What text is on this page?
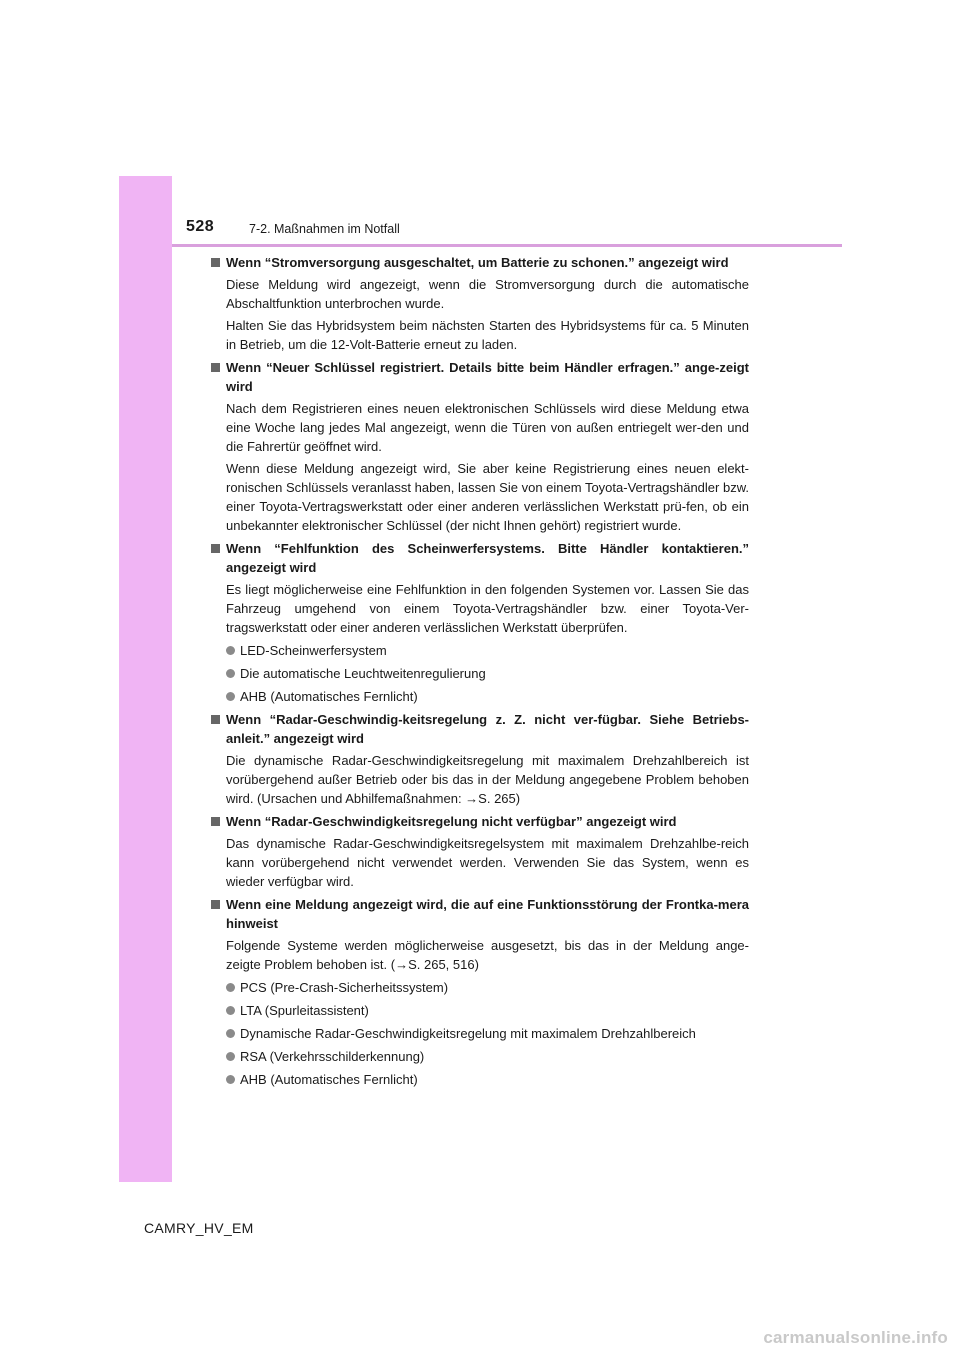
528	7-2. Maßnahmen im Notfall
Wenn “Stromversorgung ausgeschaltet, um Batterie zu schonen.” angezeigt wird
Diese Meldung wird angezeigt, wenn die Stromversorgung durch die automatische Abschaltfunktion unterbrochen wurde.
Halten Sie das Hybridsystem beim nächsten Starten des Hybridsystems für ca. 5 Minuten in Betrieb, um die 12-Volt-Batterie erneut zu laden.
Wenn “Neuer Schlüssel registriert. Details bitte beim Händler erfragen.” ange-zeigt wird
Nach dem Registrieren eines neuen elektronischen Schlüssels wird diese Meldung etwa eine Woche lang jedes Mal angezeigt, wenn die Türen von außen entriegelt wer-den und die Fahrertür geöffnet wird.
Wenn diese Meldung angezeigt wird, Sie aber keine Registrierung eines neuen elekt-ronischen Schlüssels veranlasst haben, lassen Sie von einem Toyota-Vertragshändler bzw. einer Toyota-Vertragswerkstatt oder einer anderen verlässlichen Werkstatt prü-fen, ob ein unbekannter elektronischer Schlüssel (der nicht Ihnen gehört) registriert wurde.
Wenn “Fehlfunktion des Scheinwerfersystems. Bitte Händler kontaktieren.” angezeigt wird
Es liegt möglicherweise eine Fehlfunktion in den folgenden Systemen vor. Lassen Sie das Fahrzeug umgehend von einem Toyota-Vertragshändler bzw. einer Toyota-Ver-tragswerkstatt oder einer anderen verlässlichen Werkstatt überprüfen.
LED-Scheinwerfersystem
Die automatische Leuchtweitenregulierung
AHB (Automatisches Fernlicht)
Wenn “Radar-Geschwindig-keitsregelung z. Z. nicht ver-fügbar. Siehe Betriebs-anleit.” angezeigt wird
Die dynamische Radar-Geschwindigkeitsregelung mit maximalem Drehzahlbereich ist vorübergehend außer Betrieb oder bis das in der Meldung angegebene Problem behoben wird. (Ursachen und Abhilfemaßnahmen: →S. 265)
Wenn “Radar-Geschwindigkeitsregelung nicht verfügbar” angezeigt wird
Das dynamische Radar-Geschwindigkeitsregelsystem mit maximalem Drehzahlbe-reich kann vorübergehend nicht verwendet werden. Verwenden Sie das System, wenn es wieder verfügbar wird.
Wenn eine Meldung angezeigt wird, die auf eine Funktionsstörung der Frontka-mera hinweist
Folgende Systeme werden möglicherweise ausgesetzt, bis das in der Meldung ange-zeigte Problem behoben ist. (→S. 265, 516)
PCS (Pre-Crash-Sicherheitssystem)
LTA (Spurleitassistent)
Dynamische Radar-Geschwindigkeitsregelung mit maximalem Drehzahlbereich
RSA (Verkehrsschilderkennung)
AHB (Automatisches Fernlicht)
CAMRY_HV_EM
carmanualsonline.info
